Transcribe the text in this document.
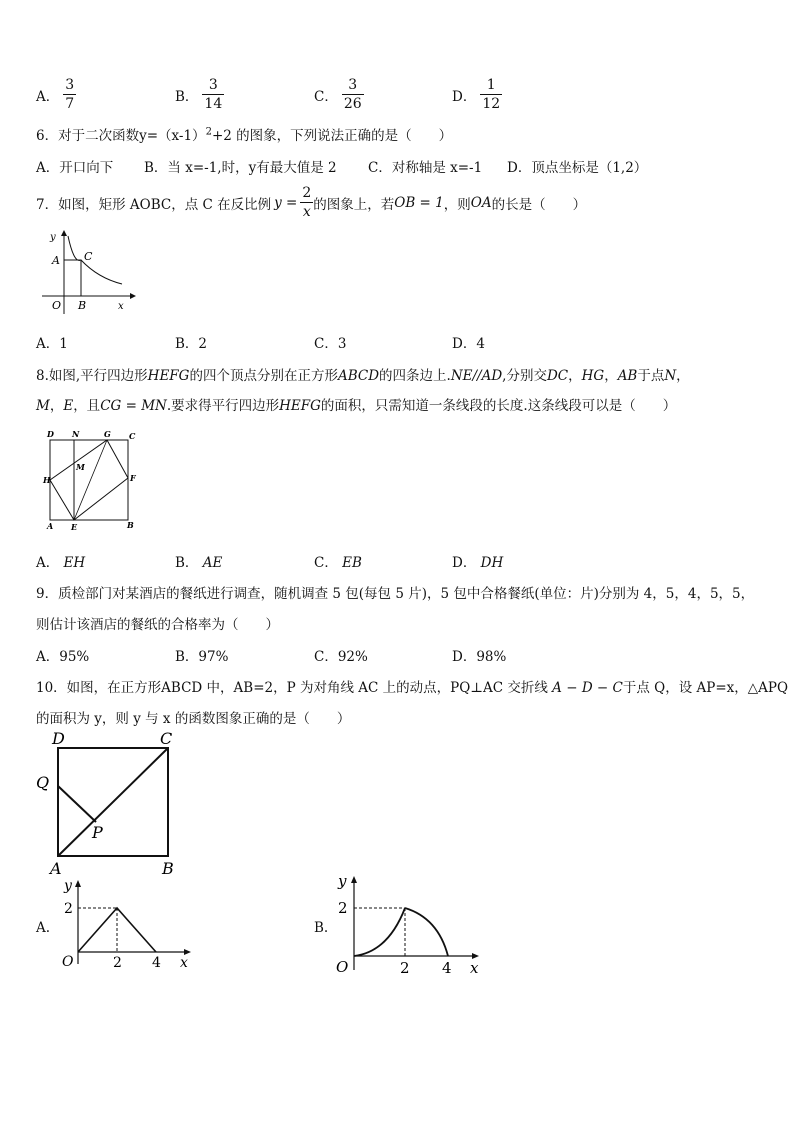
A． $\frac{3}{7}$	B． $\frac{3}{14}$	C． $\frac{3}{26}$	D． $\frac{1}{12}$
6．对于二次函数$y=(x-1)^2+2$ 的图象，下列说法正确的是（　　）
A．开口向下 B．当 x=-1,时，y有最大值是 2 C．对称轴是 x=-1 D．顶点坐标是（1,2）
7．如图，矩形 AOBC，点 C 在反比例 $y = \frac{2}{x}$ 的图象上，若 OB = 1 ，则 OA 的长是（　　）
y
A C
O B	x
A．1	B．2	C．3	D．4
8.如图,平行四边形HEFG的四个顶点分别在正方形ABCD的四条边上.NE//AD,分别交DC，HG，AB于点N，
M，E，且CG = MN.要求得平行四边形HEFG的面积，只需知道一条线段的长度.这条线段可以是（　　）
D N	G C
M
H	F
A E	B
A． EH	B． AE	C． EB	D． DH
9．质检部门对某酒店的餐纸进行调查，随机调查 5 包(每包 5 片)，5 包中合格餐纸(单位：片)分别为 4，5，4，5，5，
则估计该酒店的餐纸的合格率为（　　）
A．95%	B．97%	C．92%	D．98%
10．如图，在正方形ABCD 中，AB=2，P 为对角线 AC 上的动点，PQ⊥AC 交折线 A − D − C于点 Q，设 AP=x，△APQ
的面积为 y，则 y 与 x 的函数图象正确的是（　　）
D	C
Q
P
A	B
A.
y
2
O	2 4 x
B.
y
2
O	2 4 x
